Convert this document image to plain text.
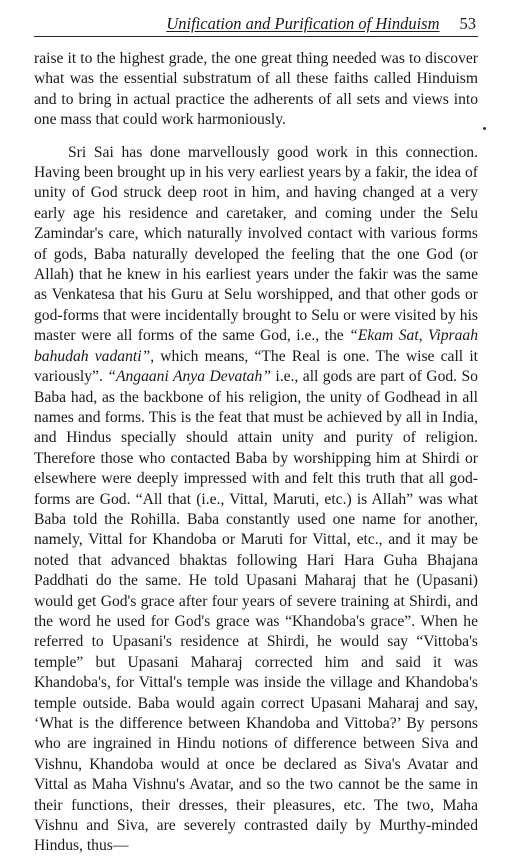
Unification and Purification of Hinduism 53

raise it to the highest grade, the one great thing needed was to discover what was the essential substratum of all these faiths called Hinduism and to bring in actual practice the adherents of all sets and views into one mass that could work harmoniously.

Sri Sai has done marvellously good work in this connection. Having been brought up in his very earliest years by a fakir, the idea of unity of God struck deep root in him, and having changed at a very early age his residence and caretaker, and coming under the Selu Zamindar's care, which naturally involved contact with various forms of gods, Baba naturally developed the feeling that the one God (or Allah) that he knew in his earliest years under the fakir was the same as Venkatesa that his Guru at Selu worshipped, and that other gods or god-forms that were incidentally brought to Selu or were visited by his master were all forms of the same God, i.e., the “Ekam Sat, Vipraah bahudah vadanti”, which means, “The Real is one. The wise call it variously”. “Angaani Anya Devatah” i.e., all gods are part of God. So Baba had, as the backbone of his religion, the unity of Godhead in all names and forms. This is the feat that must be achieved by all in India, and Hindus specially should attain unity and purity of religion. Therefore those who contacted Baba by worshipping him at Shirdi or elsewhere were deeply impressed with and felt this truth that all god-forms are God. “All that (i.e., Vittal, Maruti, etc.) is Allah” was what Baba told the Rohilla. Baba constantly used one name for another, namely, Vittal for Khandoba or Maruti for Vittal, etc., and it may be noted that advanced bhaktas following Hari Hara Guha Bhajana Paddhati do the same. He told Upasani Maharaj that he (Upasani) would get God's grace after four years of severe training at Shirdi, and the word he used for God's grace was “Khandoba's grace”. When he referred to Upasani's residence at Shirdi, he would say “Vittoba's temple” but Upasani Maharaj corrected him and said it was Khandoba's, for Vittal's temple was inside the village and Khandoba's temple outside. Baba would again correct Upasani Maharaj and say, ‘What is the difference between Khandoba and Vittoba?’ By persons who are ingrained in Hindu notions of difference between Siva and Vishnu, Khandoba would at once be declared as Siva's Avatar and Vittal as Maha Vishnu's Avatar, and so the two cannot be the same in their functions, their dresses, their pleasures, etc. The two, Maha Vishnu and Siva, are severely contrasted daily by Murthy-minded Hindus, thus—
